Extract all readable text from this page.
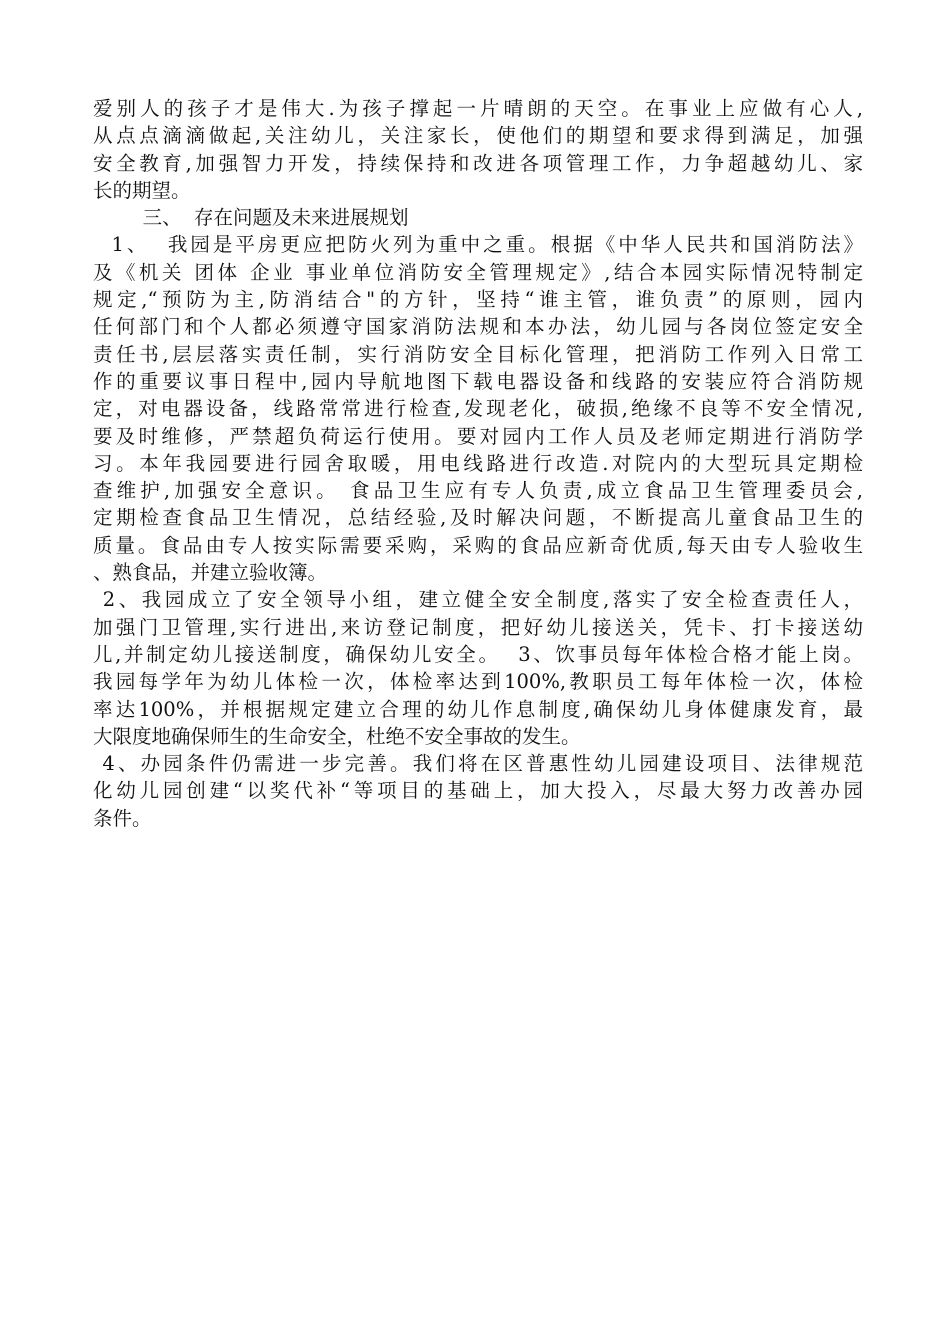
爱别人的孩子才是伟大.为孩子撑起一片晴朗的天空。在事业上应做有心人,
从点点滴滴做起,关注幼儿，关注家长，使他们的期望和要求得到满足，加强
安全教育,加强智力开发，持续保持和改进各项管理工作，力争超越幼儿、家
长的期望。
三、  存在问题及未来进展规划
1、  我园是平房更应把防火列为重中之重。根据《中华人民共和国消防法》
及《机关 团体 企业 事业单位消防安全管理规定》,结合本园实际情况特制定
规定,“预防为主,防消结合"的方针，坚持“谁主管，谁负责”的原则，园内
任何部门和个人都必须遵守国家消防法规和本办法，幼儿园与各岗位签定安全
责任书,层层落实责任制，实行消防安全目标化管理，把消防工作列入日常工
作的重要议事日程中,园内导航地图下载电器设备和线路的安装应符合消防规
定，对电器设备，线路常常进行检查,发现老化，破损,绝缘不良等不安全情况,
要及时维修，严禁超负荷运行使用。要对园内工作人员及老师定期进行消防学
习。本年我园要进行园舍取暖，用电线路进行改造.对院内的大型玩具定期检
查维护,加强安全意识。 食品卫生应有专人负责,成立食品卫生管理委员会,
定期检查食品卫生情况，总结经验,及时解决问题，不断提高儿童食品卫生的
质量。食品由专人按实际需要采购，采购的食品应新奇优质,每天由专人验收生
、熟食品，并建立验收簿。
2、我园成立了安全领导小组，建立健全安全制度,落实了安全检查责任人，
加强门卫管理,实行进出,来访登记制度，把好幼儿接送关，凭卡、打卡接送幼
儿,并制定幼儿接送制度，确保幼儿安全。  3、饮事员每年体检合格才能上岗。
我园每学年为幼儿体检一次，体检率达到100%,教职员工每年体检一次，体检
率达100%，并根据规定建立合理的幼儿作息制度,确保幼儿身体健康发育，最
大限度地确保师生的生命安全，杜绝不安全事故的发生。
4、办园条件仍需进一步完善。我们将在区普惠性幼儿园建设项目、法律规范
化幼儿园创建“以奖代补“等项目的基础上，加大投入，尽最大努力改善办园
条件。
